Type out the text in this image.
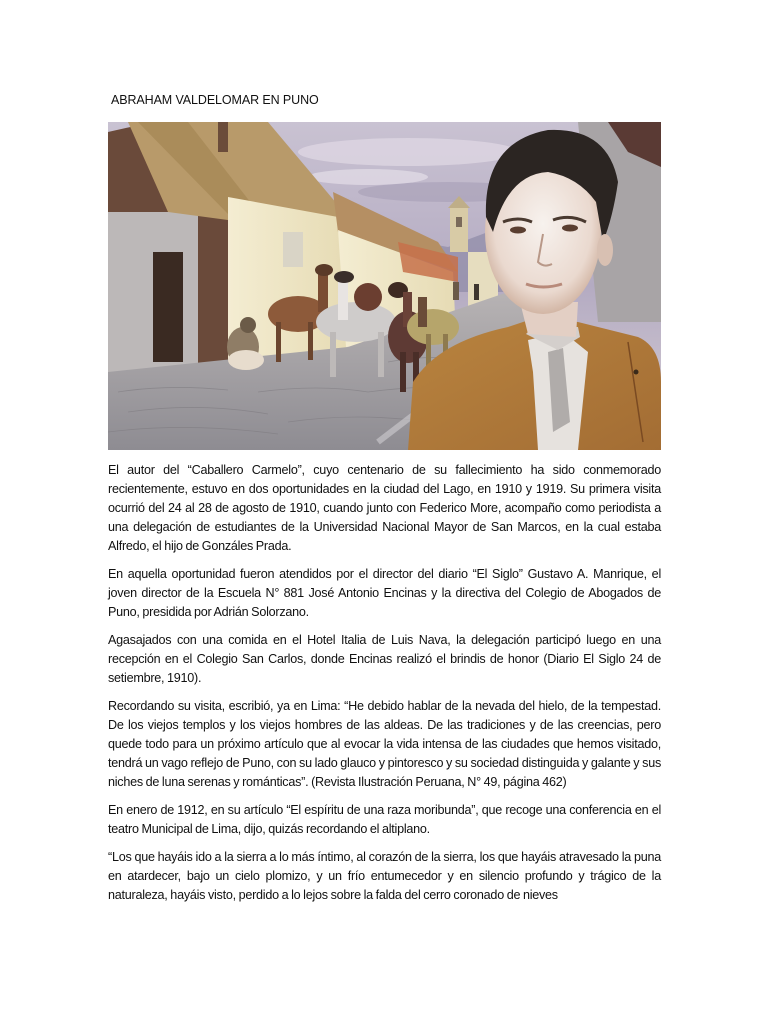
ABRAHAM VALDELOMAR EN PUNO

El autor del “Caballero Carmelo”, cuyo centenario de su fallecimiento ha sido conmemorado recientemente, estuvo en dos oportunidades en la ciudad del Lago, en 1910 y 1919. Su primera visita ocurrió del 24 al 28 de agosto de 1910, cuando junto con Federico More, acompaño como periodista a una delegación de estudiantes de la Universidad Nacional Mayor de San Marcos, en la cual estaba Alfredo, el hijo de Gonzáles Prada.

En aquella oportunidad fueron atendidos por el director del diario “El Siglo” Gustavo A. Manrique, el joven director de la Escuela N° 881 José Antonio Encinas y la directiva del Colegio de Abogados de Puno, presidida por Adrián Solorzano.

Agasajados con una comida en el Hotel Italia de Luis Nava, la delegación participó luego en una recepción en el Colegio San Carlos, donde Encinas realizó el brindis de honor (Diario El Siglo 24 de setiembre, 1910).

Recordando su visita, escribió, ya en Lima: “He debido hablar de la nevada del hielo, de la tempestad. De los viejos templos y los viejos hombres de las aldeas. De las tradiciones y de las creencias, pero quede todo para un próximo artículo que al evocar la vida intensa de las ciudades que hemos visitado, tendrá un vago reflejo de Puno, con su lado glauco y pintoresco y su sociedad distinguida y galante y sus niches de luna serenas y románticas”. (Revista Ilustración Peruana, N° 49, página 462)

En enero de 1912, en su artículo “El espíritu de una raza moribunda”, que recoge una conferencia en el teatro Municipal de Lima, dijo, quizás recordando el altiplano.

“Los que hayáis ido a la sierra a lo más íntimo, al corazón de la sierra, los que hayáis atravesado la puna en atardecer, bajo un cielo plomizo, y un frío entumecedor y en silencio profundo y trágico de la naturaleza, hayáis visto, perdido a lo lejos sobre la falda del cerro coronado de nieves
